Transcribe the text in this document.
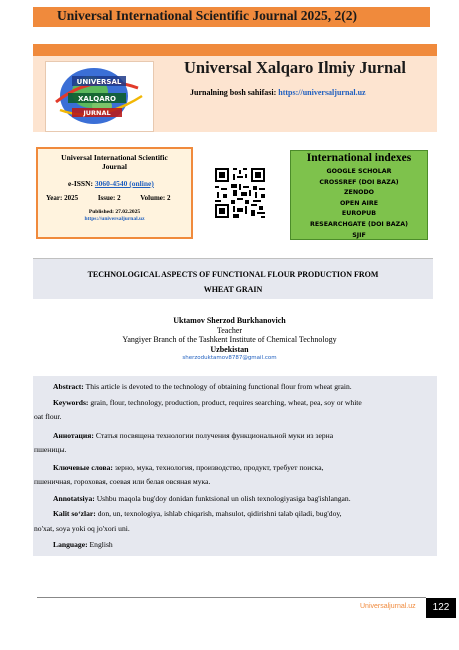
Universal International Scientific Journal 2025, 2(2)
UNIVERSAL
XALQARO
JURNAL
Universal Xalqaro Ilmiy Jurnal
Jurnalning bosh sahifasi: https://universaljurnal.uz
Universal International Scientific Journal
e-ISSN: 3060-4540 (online)
Year: 2025	Issue: 2	Volume: 2
Published: 27.02.2025
https://universaljurnal.uz
International indexes
GOOGLE SCHOLAR
CROSSREF (DOI BAZA)
ZENODO
OPEN AIRE
EUROPUB
RESEARCHGATE (DOI BAZA)
SJIF
TECHNOLOGICAL ASPECTS OF FUNCTIONAL FLOUR PRODUCTION FROM
WHEAT GRAIN
Uktamov Sherzod Burkhanovich
Teacher
Yangiyer Branch of the Tashkent Institute of Chemical Technology
Uzbekistan
sherzoduktamov8787@gmail.com
Abstract: This article is devoted to the technology of obtaining functional flour from wheat grain.
Keywords: grain, flour, technology, production, product, requires searching, wheat, pea, soy or white
oat flour.
Аннотация: Статья посвящена технологии получения функциональной муки из зерна
пшеницы.
Ключевые слова: зерно, мука, технология, производство, продукт, требует поиска,
пшеничная, гороховая, соевая или белая овсяная мука.
Annotatsiya: Ushbu maqola bug'doy donidan funktsional un olish texnologiyasiga bag'ishlangan.
Kalit so‘zlar: don, un, texnologiya, ishlab chiqarish, mahsulot, qidirishni talab qiladi, bug'doy,
no'xat, soya yoki oq jo'xori uni.
Language: English
Universaljurnal.uz	122
